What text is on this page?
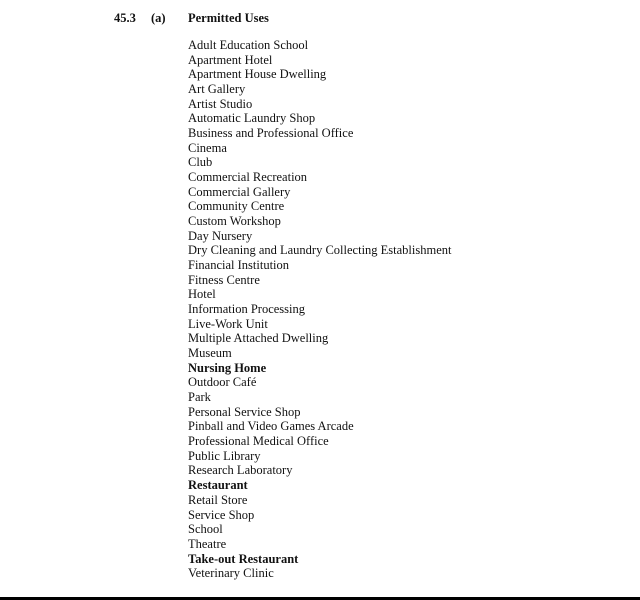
45.3 (a) Permitted Uses
Adult Education School
Apartment Hotel
Apartment House Dwelling
Art Gallery
Artist Studio
Automatic Laundry Shop
Business and Professional Office
Cinema
Club
Commercial Recreation
Commercial Gallery
Community Centre
Custom Workshop
Day Nursery
Dry Cleaning and Laundry Collecting Establishment
Financial Institution
Fitness Centre
Hotel
Information Processing
Live-Work Unit
Multiple Attached Dwelling
Museum
Nursing Home
Outdoor Café
Park
Personal Service Shop
Pinball and Video Games Arcade
Professional Medical Office
Public Library
Research Laboratory
Restaurant
Retail Store
Service Shop
School
Theatre
Take-out Restaurant
Veterinary Clinic
